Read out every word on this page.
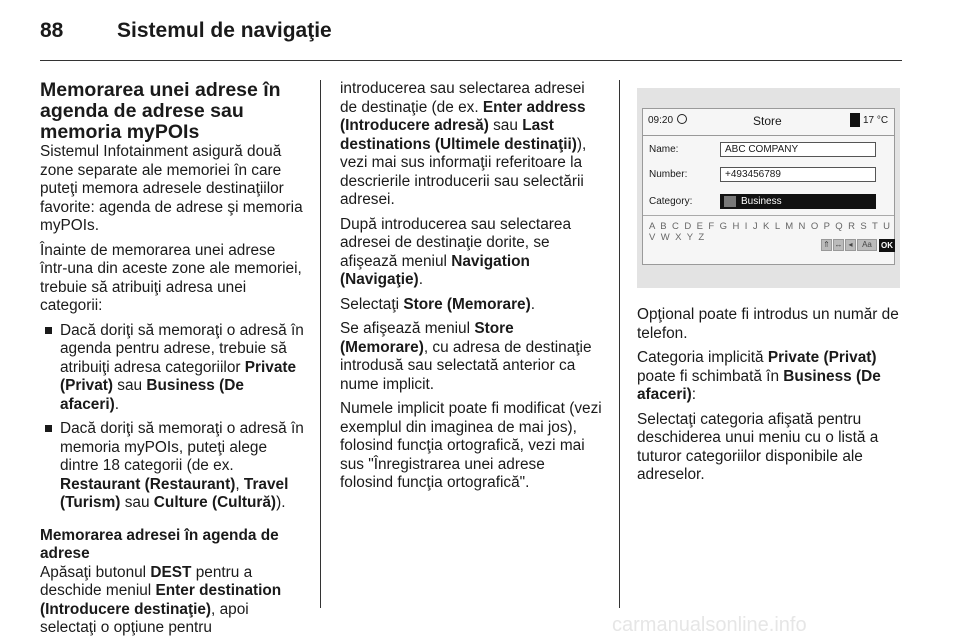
88	Sistemul de navigaţie
Memorarea unei adrese în agenda de adrese sau memoria myPOIs

Sistemul Infotainment asigură două zone separate ale memoriei în care puteţi memora adresele destinaţiilor favorite: agenda de adrese şi memoria myPOIs.

Înainte de memorarea unei adrese într-una din aceste zone ale memoriei, trebuie să atribuiţi adresa unei categorii:

Dacă doriţi să memoraţi o adresă în agenda pentru adrese, trebuie să atribuiţi adresa categoriilor Private (Privat) sau Business (De afaceri).
Dacă doriţi să memoraţi o adresă în memoria myPOIs, puteţi alege dintre 18 categorii (de ex. Restaurant (Restaurant), Travel (Turism) sau Culture (Cultură)).
Memorarea adresei în agenda de adrese

Apăsaţi butonul DEST pentru a deschide meniul Enter destination (Introducere destinaţie), apoi selectaţi o opţiune pentru

introducerea sau selectarea adresei de destinaţie (de ex. Enter address (Introducere adresă) sau Last destinations (Ultimele destinaţii)), vezi mai sus informaţii referitoare la descrierile introducerii sau selectării adresei.

După introducerea sau selectarea adresei de destinaţie dorite, se afişează meniul Navigation (Navigaţie).

Selectaţi Store (Memorare).

Se afişează meniul Store (Memorare), cu adresa de destinaţie introdusă sau selectată anterior ca nume implicit.

Numele implicit poate fi modificat (vezi exemplul din imaginea de mai jos), folosind funcţia ortografică, vezi mai sus "Înregistrarea unei adrese folosind funcţia ortografică".

09:20	Store	17 °C
Name:	ABC COMPANY
Number:	+493456789
Category:	Business
A B C D E F G H I J K L M N O P Q R S T U V W X Y Z
⇑ ↔ ◂	Aa	OK

Opţional poate fi introdus un număr de telefon.

Categoria implicită Private (Privat) poate fi schimbată în Business (De afaceri):

Selectaţi categoria afişată pentru deschiderea unui meniu cu o listă a tuturor categoriilor disponibile ale adreselor.

carmanualsonline.info
